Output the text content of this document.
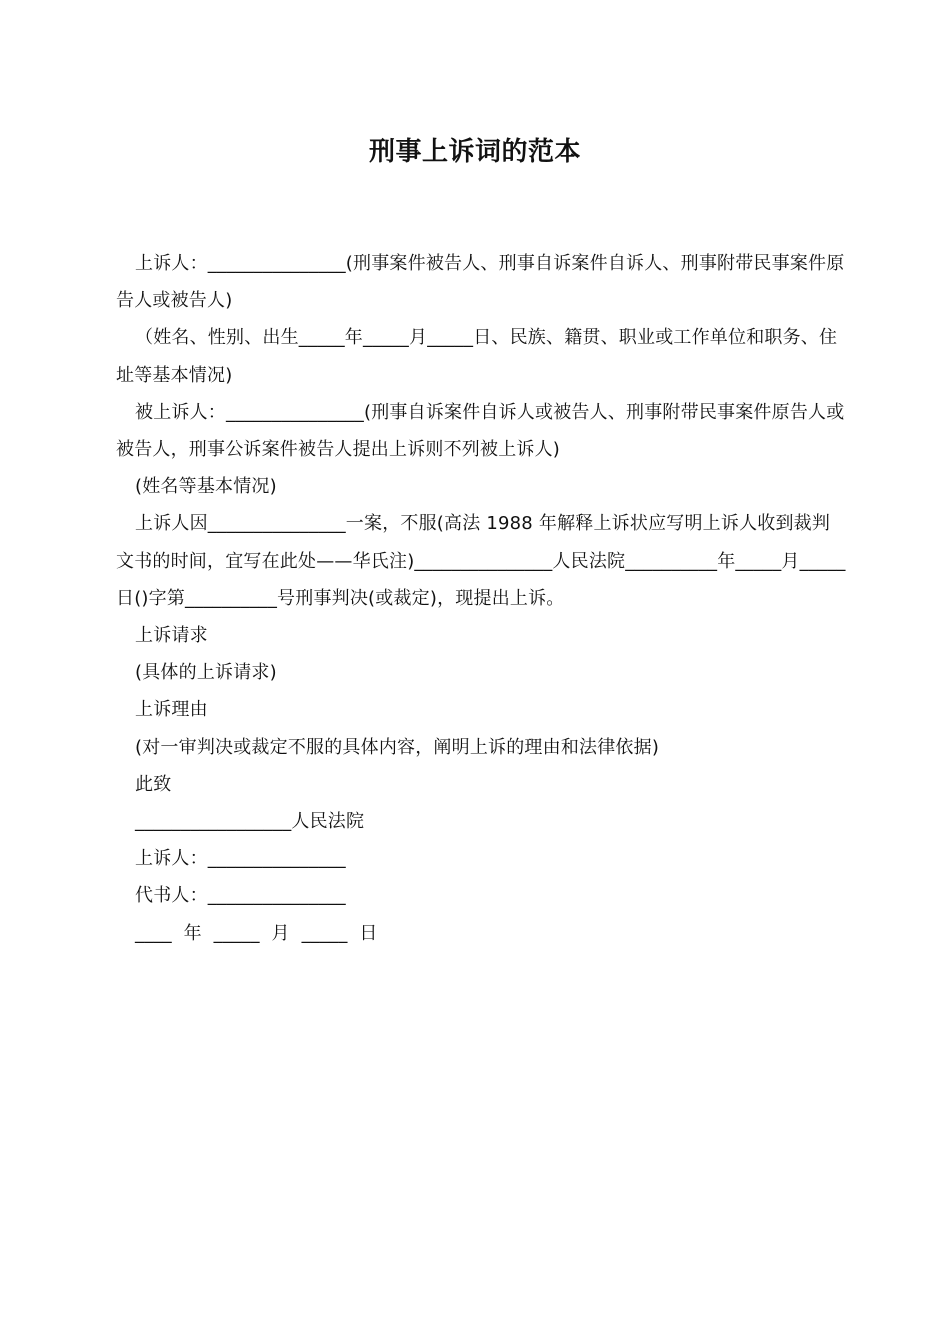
刑事上诉词的范本

上诉人：_______________(刑事案件被告人、刑事自诉案件自诉人、刑事附带民事案件原告人或被告人)

（姓名、性别、出生_____年_____月_____日、民族、籍贯、职业或工作单位和职务、住址等基本情况)

被上诉人：_______________(刑事自诉案件自诉人或被告人、刑事附带民事案件原告人或被告人，刑事公诉案件被告人提出上诉则不列被上诉人)

(姓名等基本情况)

上诉人因_______________一案，不服(高法 1988 年解释上诉状应写明上诉人收到裁判文书的时间，宜写在此处——华氏注)_______________人民法院__________年_____月_____日()字第__________号刑事判决(或裁定)，现提出上诉。

上诉请求

(具体的上诉请求)

上诉理由

(对一审判决或裁定不服的具体内容，阐明上诉的理由和法律依据)

此致

_________________人民法院

上诉人：_______________

代书人：_______________

____  年  _____  月  _____  日
